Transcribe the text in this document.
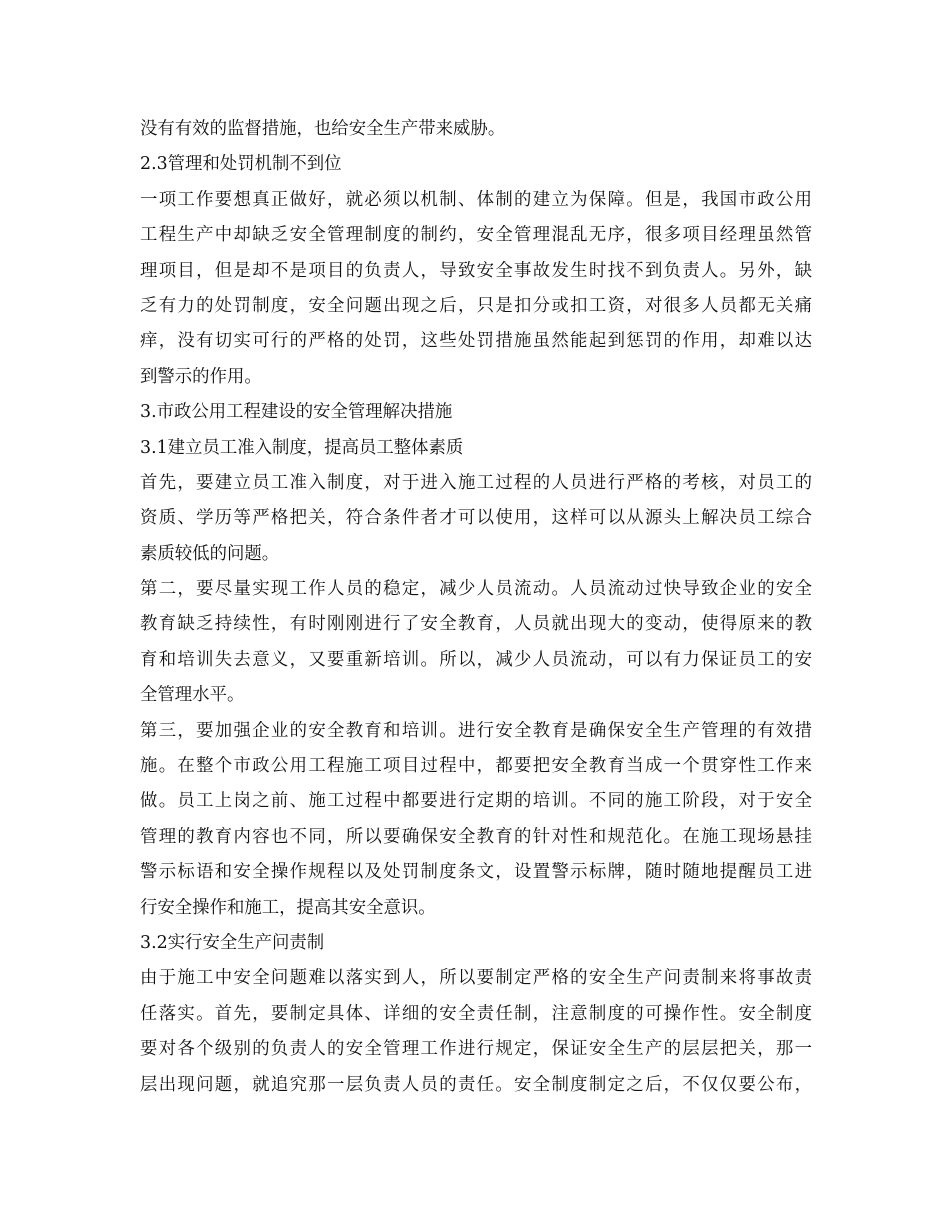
没有有效的监督措施，也给安全生产带来威胁。

2.3管理和处罚机制不到位

一项工作要想真正做好，就必须以机制、体制的建立为保障。但是，我国市政公用

工程生产中却缺乏安全管理制度的制约，安全管理混乱无序，很多项目经理虽然管

理项目，但是却不是项目的负责人，导致安全事故发生时找不到负责人。另外，缺

乏有力的处罚制度，安全问题出现之后，只是扣分或扣工资，对很多人员都无关痛

痒，没有切实可行的严格的处罚，这些处罚措施虽然能起到惩罚的作用，却难以达

到警示的作用。

3.市政公用工程建设的安全管理解决措施

3.1建立员工准入制度，提高员工整体素质

首先，要建立员工准入制度，对于进入施工过程的人员进行严格的考核，对员工的

资质、学历等严格把关，符合条件者才可以使用，这样可以从源头上解决员工综合

素质较低的问题。

第二，要尽量实现工作人员的稳定，减少人员流动。人员流动过快导致企业的安全

教育缺乏持续性，有时刚刚进行了安全教育，人员就出现大的变动，使得原来的教

育和培训失去意义，又要重新培训。所以，减少人员流动，可以有力保证员工的安

全管理水平。

第三，要加强企业的安全教育和培训。进行安全教育是确保安全生产管理的有效措

施。在整个市政公用工程施工项目过程中，都要把安全教育当成一个贯穿性工作来

做。员工上岗之前、施工过程中都要进行定期的培训。不同的施工阶段，对于安全

管理的教育内容也不同，所以要确保安全教育的针对性和规范化。在施工现场悬挂

警示标语和安全操作规程以及处罚制度条文，设置警示标牌，随时随地提醒员工进

行安全操作和施工，提高其安全意识。

3.2实行安全生产问责制

由于施工中安全问题难以落实到人，所以要制定严格的安全生产问责制来将事故责

任落实。首先，要制定具体、详细的安全责任制，注意制度的可操作性。安全制度

要对各个级别的负责人的安全管理工作进行规定，保证安全生产的层层把关，那一

层出现问题，就追究那一层负责人员的责任。安全制度制定之后，不仅仅要公布，
